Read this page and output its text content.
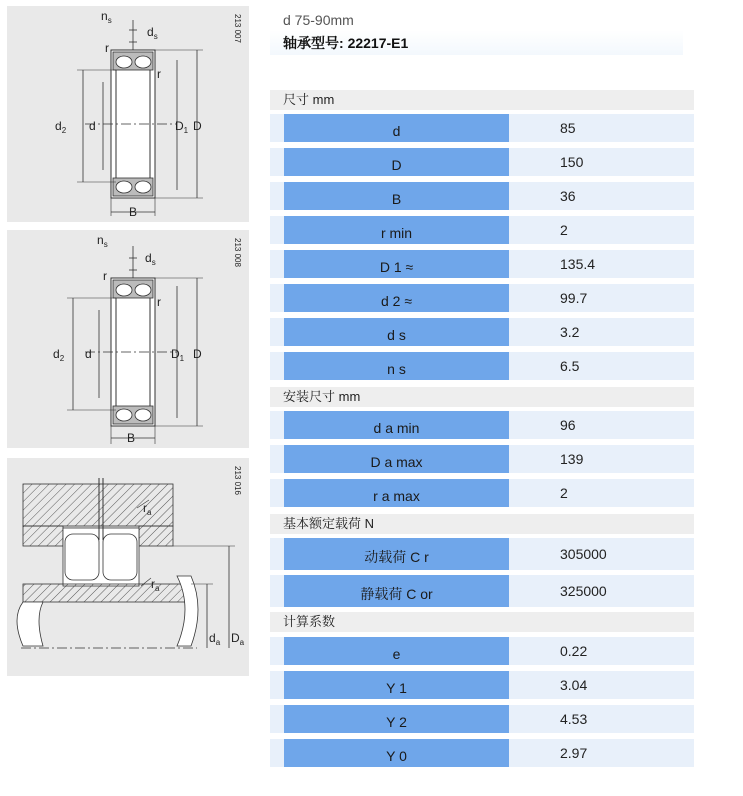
$n_s$
$d_s$
r
r
$d_2$ d	$D_1$ D
B
213 007
$n_s$
$d_s$
r
r
$d_2$ d	$D_1$ D
B
213 008
$r_a$
$r_a$
$d_a$ $D_a$
213 016
d 75-90mm
轴承型号: 22217-E1
尺寸 mm
d	85
D	150
B	36
r min	2
D 1 ≈	135.4
d 2 ≈	99.7
d s	3.2
n s	6.5
安装尺寸 mm
d a min	96
D a max	139
r a max	2
基本额定载荷 N
动载荷 C r	305000
静载荷 C or	325000
计算系数
e	0.22
Y 1	3.04
Y 2	4.53
Y 0	2.97
